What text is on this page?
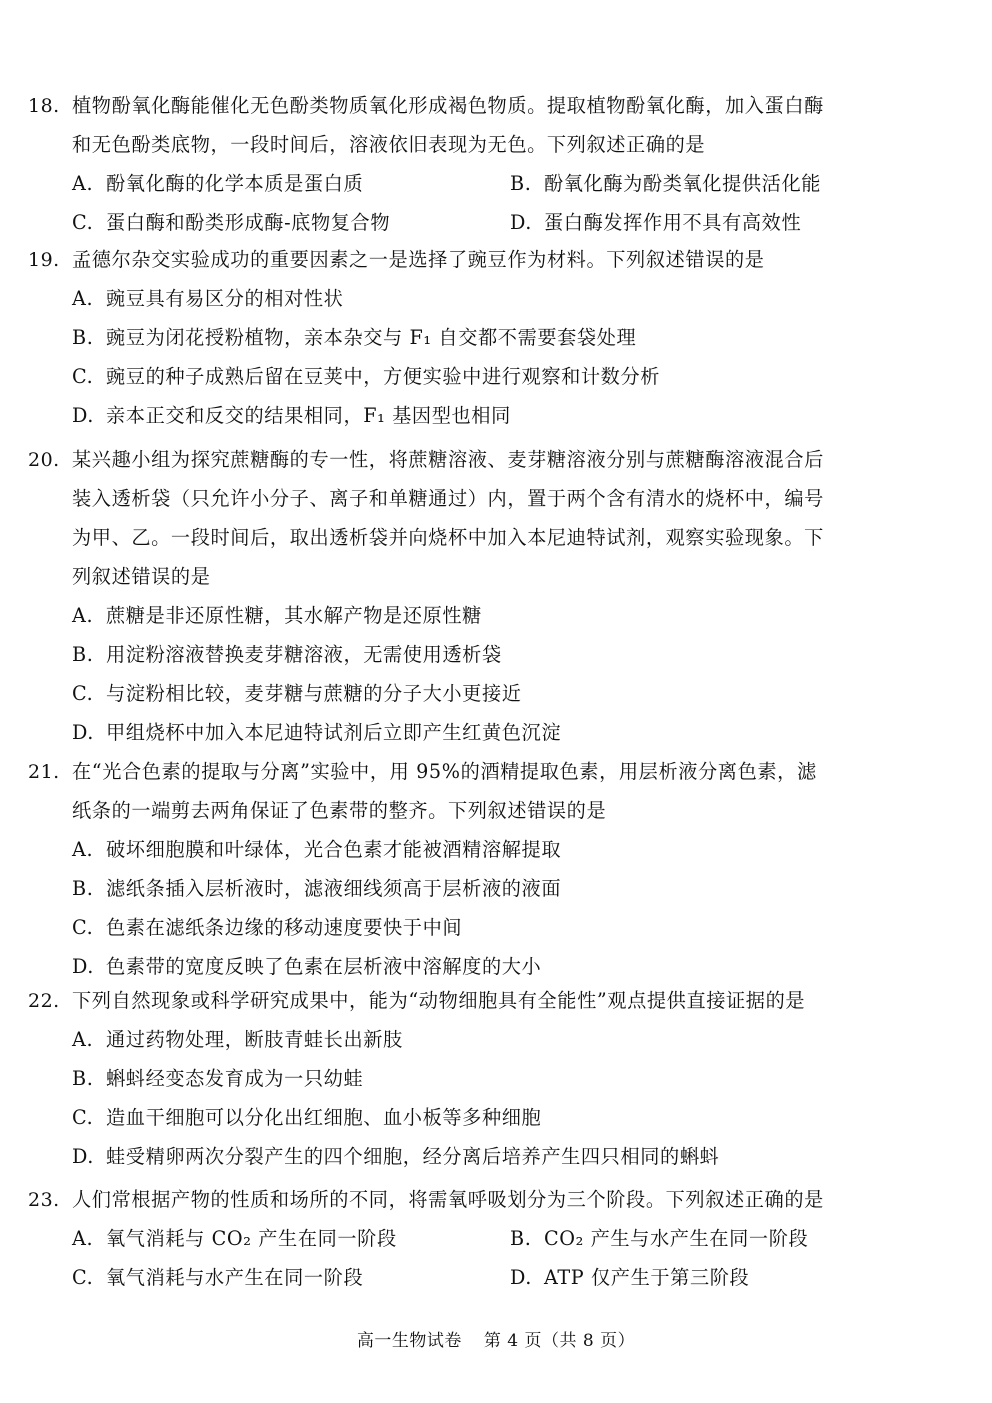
18. 植物酚氧化酶能催化无色酚类物质氧化形成褐色物质。提取植物酚氧化酶，加入蛋白酶
和无色酚类底物，一段时间后，溶液依旧表现为无色。下列叙述正确的是
A. 酚氧化酶的化学本质是蛋白质	B. 酚氧化酶为酚类氧化提供活化能
C. 蛋白酶和酚类形成酶-底物复合物	D. 蛋白酶发挥作用不具有高效性
19. 孟德尔杂交实验成功的重要因素之一是选择了豌豆作为材料。下列叙述错误的是
A. 豌豆具有易区分的相对性状
B. 豌豆为闭花授粉植物，亲本杂交与 F₁ 自交都不需要套袋处理
C. 豌豆的种子成熟后留在豆荚中，方便实验中进行观察和计数分析
D. 亲本正交和反交的结果相同，F₁ 基因型也相同
20. 某兴趣小组为探究蔗糖酶的专一性，将蔗糖溶液、麦芽糖溶液分别与蔗糖酶溶液混合后
装入透析袋（只允许小分子、离子和单糖通过）内，置于两个含有清水的烧杯中，编号
为甲、乙。一段时间后，取出透析袋并向烧杯中加入本尼迪特试剂，观察实验现象。下
列叙述错误的是
A. 蔗糖是非还原性糖，其水解产物是还原性糖
B. 用淀粉溶液替换麦芽糖溶液，无需使用透析袋
C. 与淀粉相比较，麦芽糖与蔗糖的分子大小更接近
D. 甲组烧杯中加入本尼迪特试剂后立即产生红黄色沉淀
21. 在“光合色素的提取与分离”实验中，用 95%的酒精提取色素，用层析液分离色素，滤
纸条的一端剪去两角保证了色素带的整齐。下列叙述错误的是
A. 破坏细胞膜和叶绿体，光合色素才能被酒精溶解提取
B. 滤纸条插入层析液时，滤液细线须高于层析液的液面
C. 色素在滤纸条边缘的移动速度要快于中间
D. 色素带的宽度反映了色素在层析液中溶解度的大小
22. 下列自然现象或科学研究成果中，能为“动物细胞具有全能性”观点提供直接证据的是
A. 通过药物处理，断肢青蛙长出新肢
B. 蝌蚪经变态发育成为一只幼蛙
C. 造血干细胞可以分化出红细胞、血小板等多种细胞
D. 蛙受精卵两次分裂产生的四个细胞，经分离后培养产生四只相同的蝌蚪
23. 人们常根据产物的性质和场所的不同，将需氧呼吸划分为三个阶段。下列叙述正确的是
A. 氧气消耗与 CO₂ 产生在同一阶段	B. CO₂ 产生与水产生在同一阶段
C. 氧气消耗与水产生在同一阶段	D. ATP 仅产生于第三阶段
高一生物试卷 第 4 页（共 8 页）
